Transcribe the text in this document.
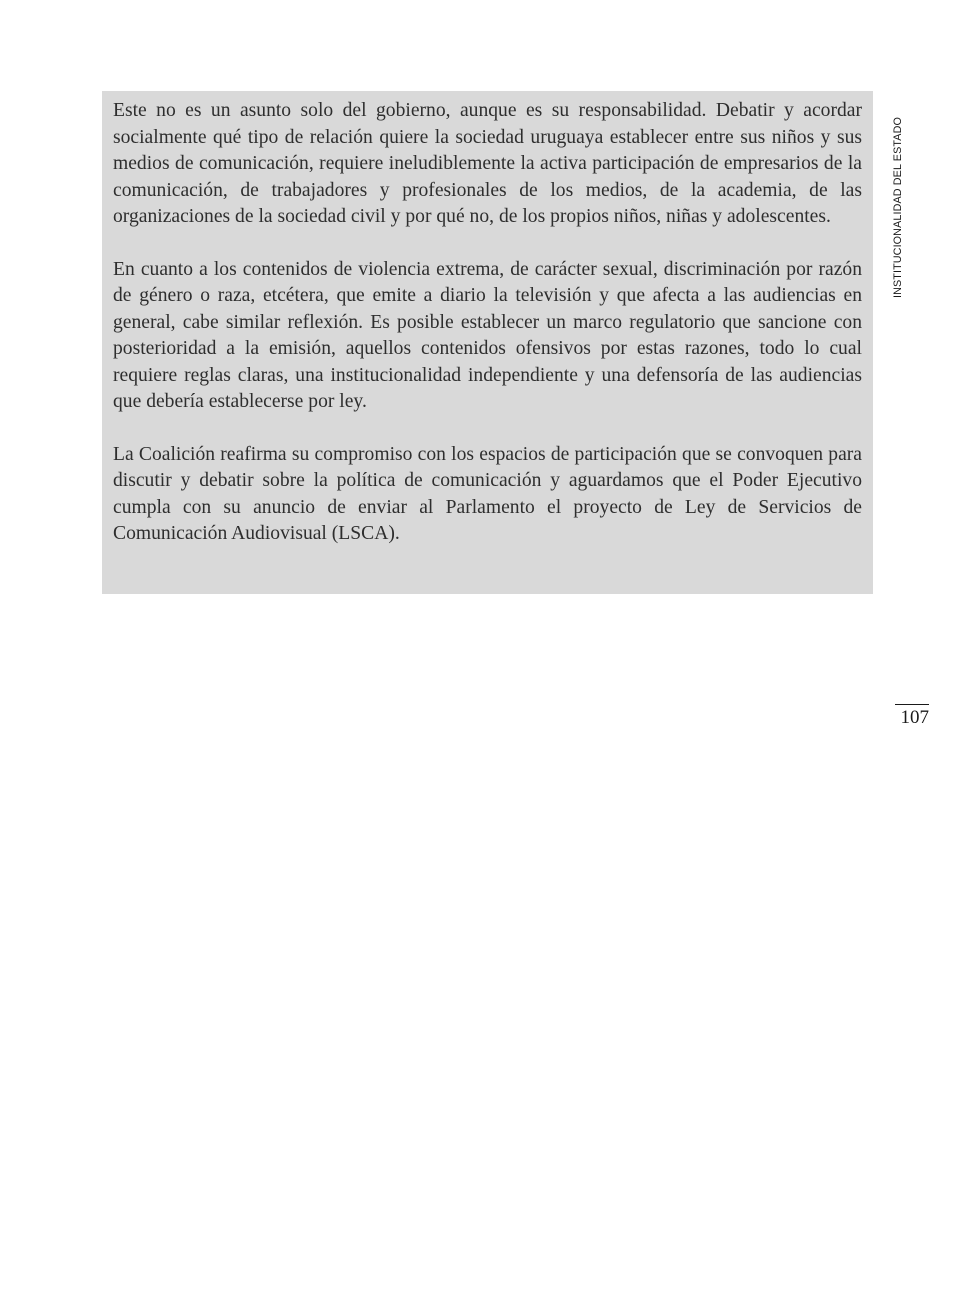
Este no es un asunto solo del gobierno, aunque es su responsabilidad. Debatir y acordar socialmente qué tipo de relación quiere la sociedad uruguaya establecer entre sus niños y sus medios de comunicación, requiere ineludiblemente la activa participación de empresarios de la comunicación, de trabajadores y profesionales de los medios, de la academia, de las organizaciones de la sociedad civil y por qué no, de los propios niños, niñas y adolescentes.

En cuanto a los contenidos de violencia extrema, de carácter sexual, discriminación por razón de género o raza, etcétera, que emite a diario la televisión y que afecta a las audiencias en general, cabe similar reflexión. Es posible establecer un marco regulatorio que sancione con posterioridad a la emisión, aquellos contenidos ofensivos por estas razones, todo lo cual requiere reglas claras, una institucionalidad independiente y una defensoría de las audiencias que debería establecerse por ley.

La Coalición reafirma su compromiso con los espacios de participación que se convoquen para discutir y debatir sobre la política de comunicación y aguardamos que el Poder Ejecutivo cumpla con su anuncio de enviar al Parlamento el proyecto de Ley de Servicios de Comunicación Audiovisual (LSCA).

INSTITUCIONALIDAD DEL ESTADO
107
